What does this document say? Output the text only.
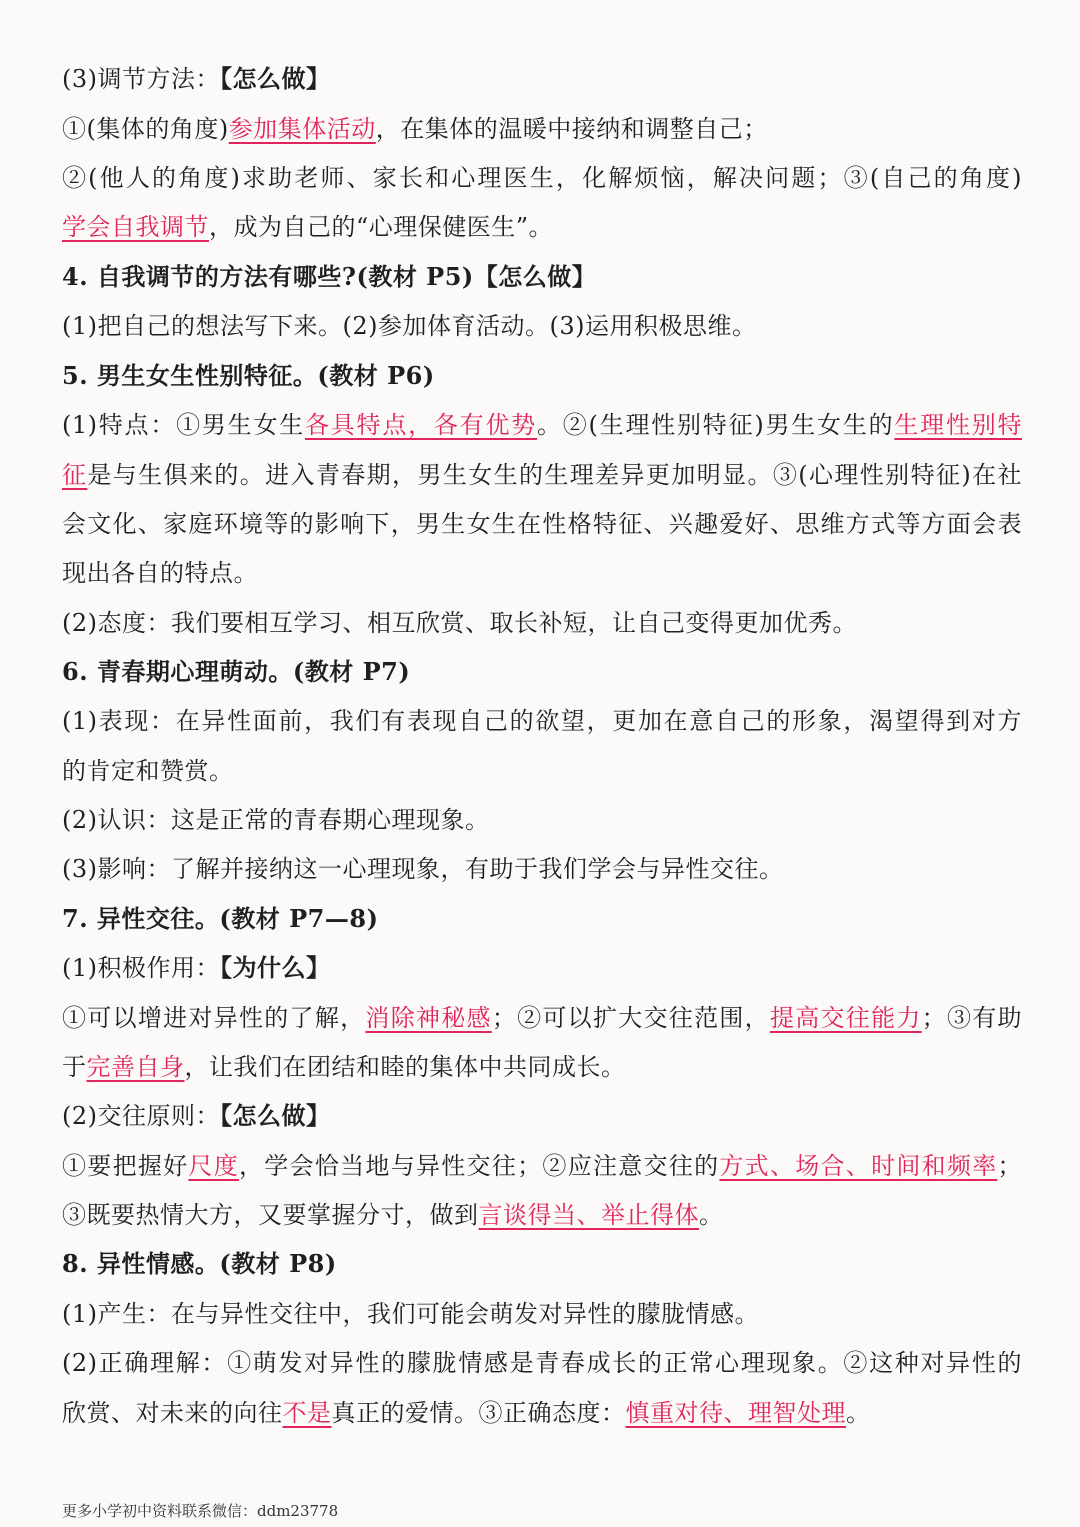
更多小学初中资料联系微信：ddm23778
(3)调节方法：【怎么做】
①(集体的角度)参加集体活动，在集体的温暖中接纳和调整自己；
②(他人的角度)求助老师、家长和心理医生，化解烦恼，解决问题；③(自己的角度)
学会自我调节，成为自己的“心理保健医生”。
4. 自我调节的方法有哪些?(教材 P5)【怎么做】
(1)把自己的想法写下来。(2)参加体育活动。(3)运用积极思维。
5. 男生女生性别特征。(教材 P6)
(1)特点：①男生女生各具特点，各有优势。②(生理性别特征)男生女生的生理性别特
征是与生俱来的。进入青春期，男生女生的生理差异更加明显。③(心理性别特征)在社
会文化、家庭环境等的影响下，男生女生在性格特征、兴趣爱好、思维方式等方面会表
现出各自的特点。
(2)态度：我们要相互学习、相互欣赏、取长补短，让自己变得更加优秀。
6. 青春期心理萌动。(教材 P7)
(1)表现：在异性面前，我们有表现自己的欲望，更加在意自己的形象，渴望得到对方
的肯定和赞赏。
(2)认识：这是正常的青春期心理现象。
(3)影响：了解并接纳这一心理现象，有助于我们学会与异性交往。
7. 异性交往。(教材 P7—8)
(1)积极作用：【为什么】
①可以增进对异性的了解，消除神秘感；②可以扩大交往范围，提高交往能力；③有助
于完善自身，让我们在团结和睦的集体中共同成长。
(2)交往原则：【怎么做】
①要把握好尺度，学会恰当地与异性交往；②应注意交往的方式、场合、时间和频率；
③既要热情大方，又要掌握分寸，做到言谈得当、举止得体。
8. 异性情感。(教材 P8)
(1)产生：在与异性交往中，我们可能会萌发对异性的朦胧情感。
(2)正确理解：①萌发对异性的朦胧情感是青春成长的正常心理现象。②这种对异性的
欣赏、对未来的向往不是真正的爱情。③正确态度：慎重对待、理智处理。
